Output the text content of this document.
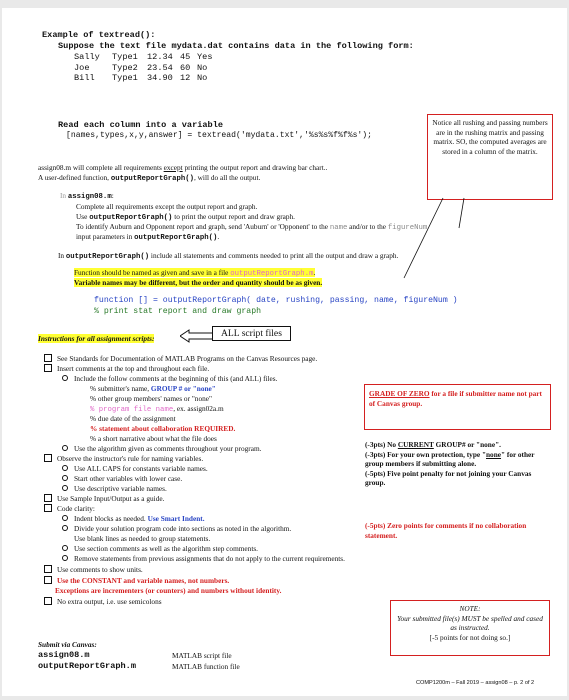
Example of textread():
Suppose the text file mydata.dat contains data in the following form:
Sally Type1 12.34 45 Yes
Joe	Type2 23.54 60 No
Bill Type1 34.90 12 No
Read each column into a variable
[names,types,x,y,answer] = textread('mydata.txt','%s%s%f%f%s');
Notice all rushing and passing numbers are in the rushing matrix and passing matrix. SO, the computed averages are stored in a column of the matrix.
assign08.m will complete all requirements except printing the output report and drawing bar chart..
A user-defined function, outputReportGraph(), will do all the output.
In assign08.m:
Complete all requirements except the output report and graph.
Use outputReportGraph() to print the output report and draw graph.
To identify Auburn and Opponent report and graph, send 'Auburn' or 'Opponent' to the name and/or to the figureNum
input parameters in outputReportGraph().
In outputReportGraph() include all statements and comments needed to print all the output and draw a graph.
Function should be named as given and save in a file outputReportGraph.m.
Variable names may be different, but the order and quantity should be as given.
function [] = outputReportGraph( date, rushing, passing, name, figureNum )
% print stat report and draw graph
Instructions for all assignment scripts:	ALL script files
See Standards for Documentation of MATLAB Programs on the Canvas Resources page.
Insert comments at the top and throughout each file.
Include the follow comments at the beginning of this (and ALL) files.
% submitter's name, GROUP # or "none"
% other group members' names or "none"
% program file name, ex. assign02a.m
% due date of the assignment
% statement about collaboration REQUIRED.
% a short narrative about what the file does
Use the algorithm given as comments throughout your program.
Observe the instructor's rule for naming variables.
Use ALL CAPS for constants variable names.
Start other variables with lower case.
Use descriptive variable names.
Use Sample Input/Output as a guide.
Code clarity:
Indent blocks as needed. Use Smart Indent.
Divide your solution program code into sections as noted in the algorithm.
Use blank lines as needed to group statements.
Use section comments as well as the algorithm step comments.
Remove statements from previous assignments that do not apply to the current requirements.
Use comments to show units.
Use the CONSTANT and variable names, not numbers.
Exceptions are incrementers (or counters) and numbers without identity.
No extra output, i.e. use semicolons
GRADE OF ZERO for a file if submitter name not part of Canvas group.
(-3pts) No CURRENT GROUP# or "none".
(-3pts) For your own protection, type "none" for other group members if submitting alone.
(-5pts) Five point penalty for not joining your Canvas group.
(-5pts) Zero points for comments if no collaboration statement.
NOTE:
Your submitted file(s) MUST be spelled and cased as instructed.
[-5 points for not doing so.]
Submit via Canvas:
assign08.m	MATLAB script file
outputReportGraph.m	MATLAB function file
COMP1200m – Fall 2019 – assign08 – p. 2 of 2
